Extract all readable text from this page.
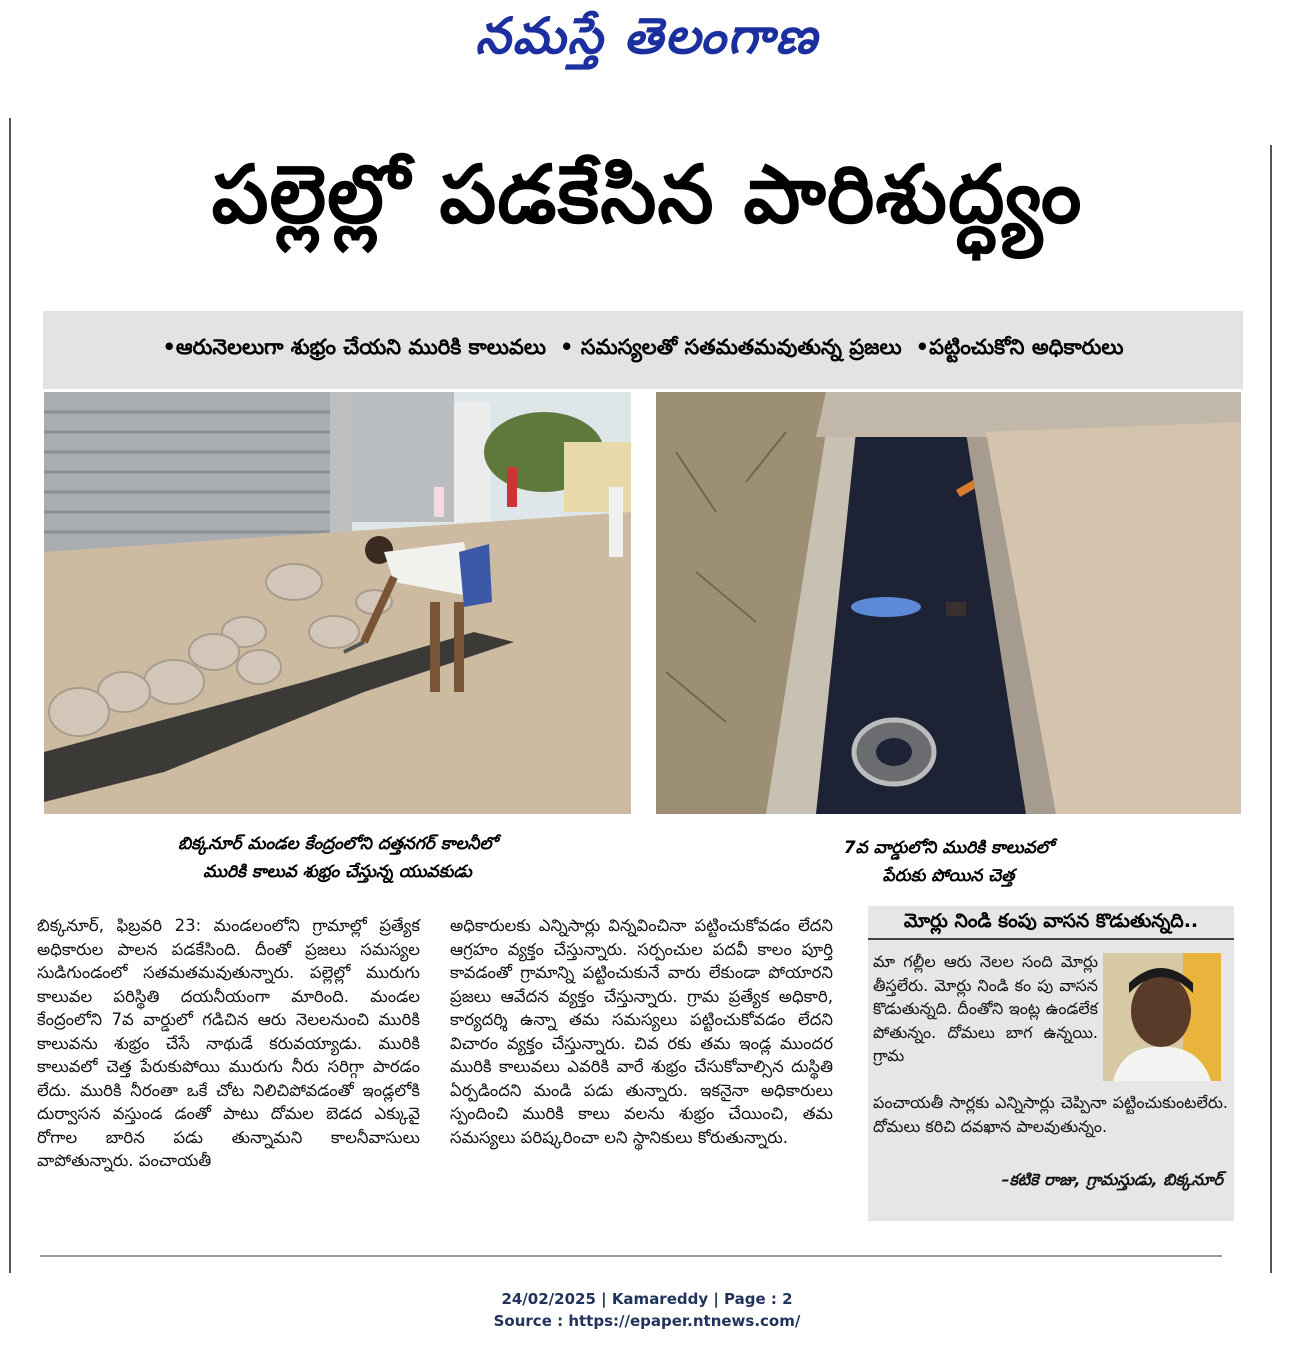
నమస్తే తెలంగాణ
పల్లెల్లో పడకేసిన పారిశుద్ధ్యం
•ఆరునెలలుగా శుభ్రం చేయని మురికి కాలువలు • సమస్యలతో సతమతమవుతున్న ప్రజలు •పట్టించుకోని అధికారులు
బిక్కనూర్ మండల కేంద్రంలోని దత్తనగర్ కాలనీలో
మురికి కాలువ శుభ్రం చేస్తున్న యువకుడు
7వ వార్డులోని మురికి కాలువలో
పేరుకు పోయిన చెత్త

బిక్కనూర్, ఫిబ్రవరి 23: మండలంలోని గ్రామాల్లో ప్రత్యేక అధికారుల పాలన పడకేసింది. దీంతో ప్రజలు సమస్యల సుడిగుండంలో సతమతమవుతున్నారు. పల్లెల్లో మురుగు కాలువల పరిస్థితి దయనీయంగా మారింది. మండల కేంద్రంలోని 7వ వార్డులో గడిచిన ఆరు నెలలనుంచి మురికి కాలువను శుభ్రం చేసే నాథుడే కరువయ్యాడు. మురికి కాలువలో చెత్త పేరుకుపోయి మురుగు నీరు సరిగ్గా పారడం లేదు. మురికి నీరంతా ఒకే చోట నిలిచిపోవడంతో ఇండ్లలోకి దుర్వాసన వస్తుండ డంతో పాటు దోమల బెడద ఎక్కువై రోగాల బారిన పడు తున్నామని కాలనీవాసులు వాపోతున్నారు. పంచాయతీ

అధికారులకు ఎన్నిసార్లు విన్నవించినా పట్టించుకోవడం లేదని ఆగ్రహం వ్యక్తం చేస్తున్నారు. సర్పంచుల పదవీ కాలం పూర్తి కావడంతో గ్రామాన్ని పట్టించుకునే వారు లేకుండా పోయారని ప్రజలు ఆవేదన వ్యక్తం చేస్తున్నారు. గ్రామ ప్రత్యేక అధికారి, కార్యదర్శి ఉన్నా తమ సమస్యలు పట్టించుకోవడం లేదని విచారం వ్యక్తం చేస్తున్నారు. చివ రకు తమ ఇండ్ల ముందర మురికి కాలువలు ఎవరికి వారే శుభ్రం చేసుకోవాల్సిన దుస్థితి ఏర్పడిందని మండి పడు తున్నారు. ఇకనైనా అధికారులు స్పందించి మురికి కాలు వలను శుభ్రం చేయించి, తమ సమస్యలు పరిష్కరించా లని స్థానికులు కోరుతున్నారు.

మోర్లు నిండి కంపు వాసన కొడుతున్నది..
మా గల్లీల ఆరు నెలల సంది మోర్లు తీస్తలేరు. మోర్లు నిండి కం పు వాసన కొడుతున్నది. దీంతోని ఇంట్ల ఉండలేక పోతున్నం. దోమలు బాగ ఉన్నయి. గ్రామ
పంచాయతీ సార్లకు ఎన్నిసార్లు చెప్పినా పట్టించుకుంటలేరు. దోమలు కరిచి దవఖాన పాలవుతున్నం.
–కటికె రాజు, గ్రామస్తుడు, బిక్కనూర్
24/02/2025 | Kamareddy | Page : 2
Source : https://epaper.ntnews.com/
